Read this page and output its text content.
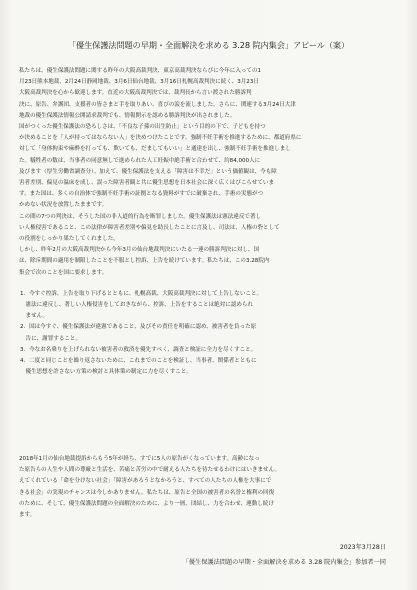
「優生保護法問題の早期・全面解決を求める 3.28 院内集会」アピール（案）

私たちは、優生保護法問題に関する昨年の大阪高裁判決、東京高裁判決ならびに今年に入っての1
月23日熊本地裁、2月24日静岡地裁、3月6日仙台地裁、3月16日札幌高裁判決に続く、3月23日
大阪高裁判決を心から歓迎します。直近の大阪高裁判決では、裁判長から言い渡された勝訴判
決に、原告、弁護団、支援者の皆さまと手を取りあい、喜びの涙を流しました。さらに、関連する3月24日大津
地裁の優生保護法情報公開請求裁判でも、情報開示を認める勝訴判決が出されました。

国がつくった優生保護法の恐ろしさは、「不良な子孫の出生防止」という目的の下で、子どもを持つ
か決めることを「人が持ってはならない人」を決めつけたことです。強制不妊手術を推進するために、都道府県に
対して「身体拘束や麻酔を打っても、欺いても、だましてもいい」と通達を出し、強制不妊手術を推進しまし
た。犠牲者の数は、当事者の同意無しで進められた人工妊娠中絶手術と合わせて、約84,000人に
及びます（厚生労働省調査分）。加えて、優生保護法を支える「障害は不幸だ」という価値観は、今も障
害者差別、偏見の温床を成し、誤った障害者観と共に優生思想を日本社会に深く広くはびこらせていま
す。また国は、多くの自治体で強制不妊手術の証拠となる資料がすでに破棄され、手術の実態がつ
かめない状況を放置したままです。

この間の7つの判決は、そうした国の非人道的行為を断罪しました。優生保護法は憲法違反で著し
い人権侵害であること、この法律が障害者差別や偏見を助長したことに言及し、司法は、人権の砦として
の役割をしっかり果たしてくれました。

しかし、昨年2月の大阪高裁判決から今年3月の仙台地裁判決にいたる一連の勝訴判決に対し、国
は、除斥期間の適用を制限したことを不服とし控訴、上告を続けています。私たちは、この3.28院内
集会で次のことを国に要求します。

1．今すぐ控訴、上告を取り下げるとともに、札幌高裁、大阪高裁判決に対して上告しないこと。
　憲法に違反し、著しい人権侵害をしておきながら、控訴、上告をすることは絶対に認められ
　ません。

2．国は今すぐ、優生保護法が違憲であること、及びその責任を明確に認め、被害者を負った原
　告に、謝罪すること。

3．今なお名乗りを上げられない被害者の救済を優先すべく、調査と検証に全力を尽くすこと。

4．二度と同じことを繰り返さないために、これまでのことを検証し、当事者、関係者とともに
　優生思想を許さない方策の検討と具体策の制定に力を尽くすこと。

2018年1月の仙台地裁提訴からもう5年が経ち、すでに5人の原告がくなっています。高齢になっ
た原告らの人生や人間の尊厳と生活を、苦痛と苦労の中で耐える人たちを待たせるわけにはいきません。
えてくれている「命を分けない社会」「障害があろうとなかろうと、すべての人たちの人権を大事にで
きる社会」の実現のチャンスは今しかありません。私たちは、原告と全国の被害者の名誉と権利の回復
のために、そして、優生保護法問題の全面解決のために、より一層、団結し、力を合わせ、運動し続け
ます。

2023年3月28日
「優生保護法問題の早期・全面解決を求める 3.28 院内集会」参加者一同
